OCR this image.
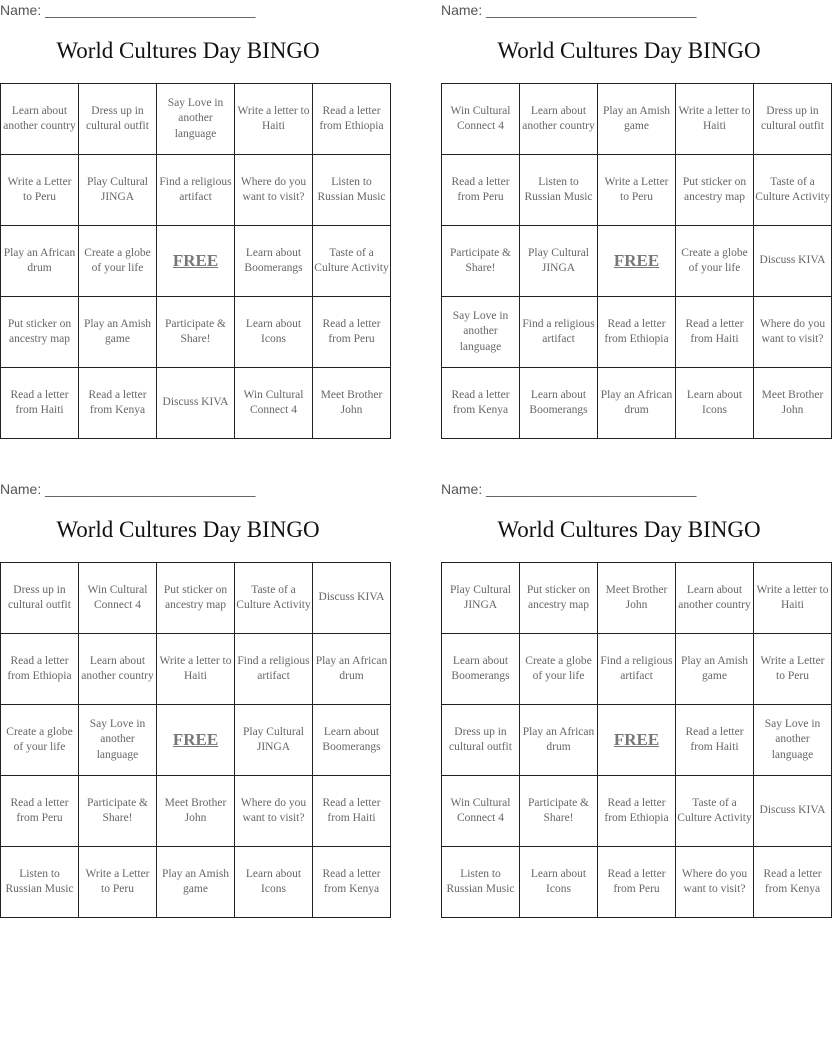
Name: ___________________________
World Cultures Day BINGO
Learn about another country	Dress up in cultural outfit	Say Love in another language	Write a letter to Haiti	Read a letter from Ethiopia
Write a Letter to Peru	Play Cultural JINGA	Find a religious artifact	Where do you want to visit?	Listen to Russian Music
Play an African drum	Create a globe of your life	FREE	Learn about Boomerangs	Taste of a Culture Activity
Put sticker on ancestry map	Play an Amish game	Participate & Share!	Learn about Icons	Read a letter from Peru
Read a letter from Haiti	Read a letter from Kenya	Discuss KIVA	Win Cultural Connect 4	Meet Brother John
Name: ___________________________
World Cultures Day BINGO
Win Cultural Connect 4	Learn about another country	Play an Amish game	Write a letter to Haiti	Dress up in cultural outfit
Read a letter from Peru	Listen to Russian Music	Write a Letter to Peru	Put sticker on ancestry map	Taste of a Culture Activity
Participate & Share!	Play Cultural JINGA	FREE	Create a globe of your life	Discuss KIVA
Say Love in another language	Find a religious artifact	Read a letter from Ethiopia	Read a letter from Haiti	Where do you want to visit?
Read a letter from Kenya	Learn about Boomerangs	Play an African drum	Learn about Icons	Meet Brother John
Name: ___________________________
World Cultures Day BINGO
Dress up in cultural outfit	Win Cultural Connect 4	Put sticker on ancestry map	Taste of a Culture Activity	Discuss KIVA
Read a letter from Ethiopia	Learn about another country	Write a letter to Haiti	Find a religious artifact	Play an African drum
Create a globe of your life	Say Love in another language	FREE	Play Cultural JINGA	Learn about Boomerangs
Read a letter from Peru	Participate & Share!	Meet Brother John	Where do you want to visit?	Read a letter from Haiti
Listen to Russian Music	Write a Letter to Peru	Play an Amish game	Learn about Icons	Read a letter from Kenya
Name: ___________________________
World Cultures Day BINGO
Play Cultural JINGA	Put sticker on ancestry map	Meet Brother John	Learn about another country	Write a letter to Haiti
Learn about Boomerangs	Create a globe of your life	Find a religious artifact	Play an Amish game	Write a Letter to Peru
Dress up in cultural outfit	Play an African drum	FREE	Read a letter from Haiti	Say Love in another language
Win Cultural Connect 4	Participate & Share!	Read a letter from Ethiopia	Taste of a Culture Activity	Discuss KIVA
Listen to Russian Music	Learn about Icons	Read a letter from Peru	Where do you want to visit?	Read a letter from Kenya
